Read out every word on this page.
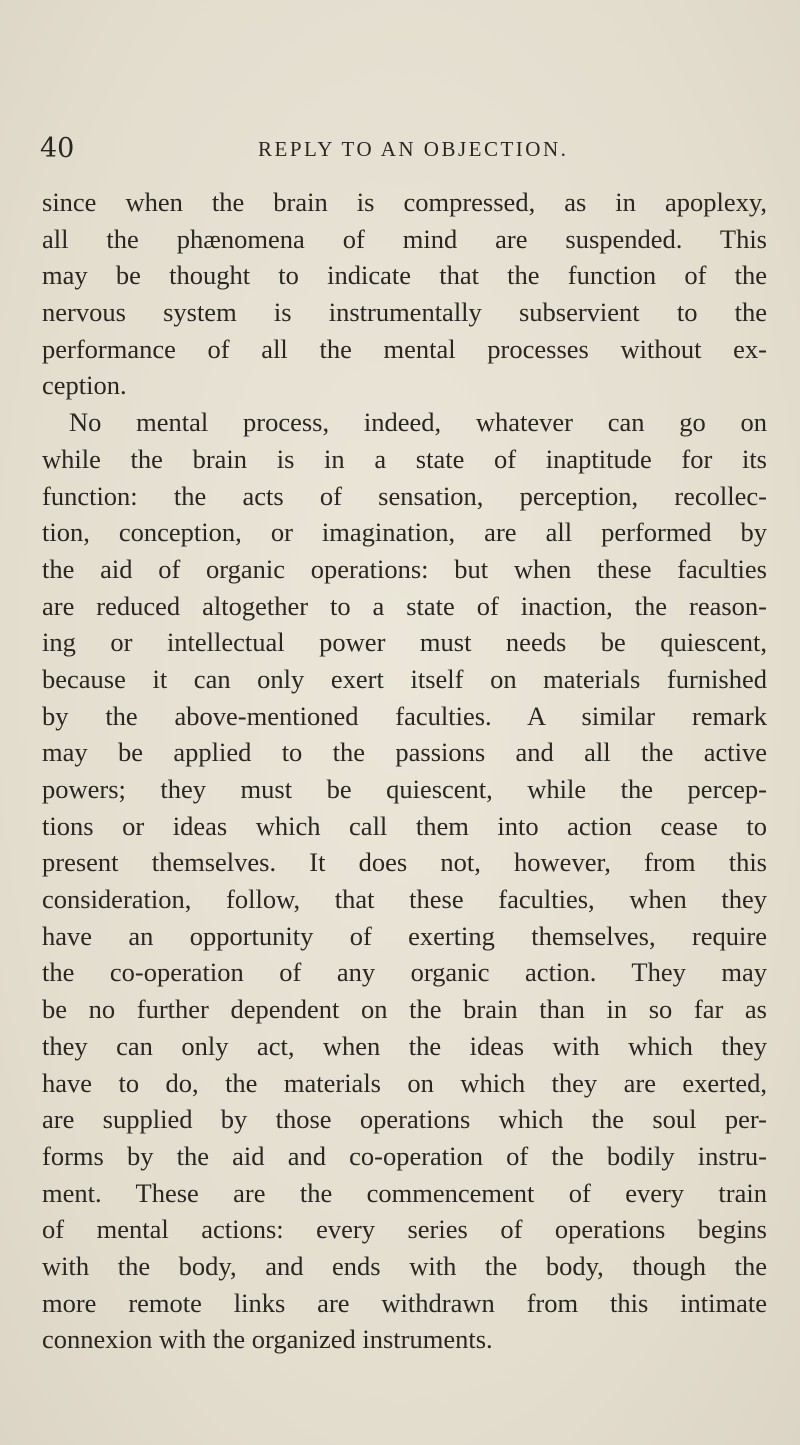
40	REPLY TO AN OBJECTION.
since when the brain is compressed, as in apoplexy,
all the phænomena of mind are suspended. This
may be thought to indicate that the function of the
nervous system is instrumentally subservient to the
performance of all the mental processes without ex-
ception.
No mental process, indeed, whatever can go on
while the brain is in a state of inaptitude for its
function: the acts of sensation, perception, recollec-
tion, conception, or imagination, are all performed by
the aid of organic operations: but when these faculties
are reduced altogether to a state of inaction, the reason-
ing or intellectual power must needs be quiescent,
because it can only exert itself on materials furnished
by the above-mentioned faculties. A similar remark
may be applied to the passions and all the active
powers; they must be quiescent, while the percep-
tions or ideas which call them into action cease to
present themselves. It does not, however, from this
consideration, follow, that these faculties, when they
have an opportunity of exerting themselves, require
the co-operation of any organic action. They may
be no further dependent on the brain than in so far as
they can only act, when the ideas with which they
have to do, the materials on which they are exerted,
are supplied by those operations which the soul per-
forms by the aid and co-operation of the bodily instru-
ment. These are the commencement of every train
of mental actions: every series of operations begins
with the body, and ends with the body, though the
more remote links are withdrawn from this intimate
connexion with the organized instruments.
